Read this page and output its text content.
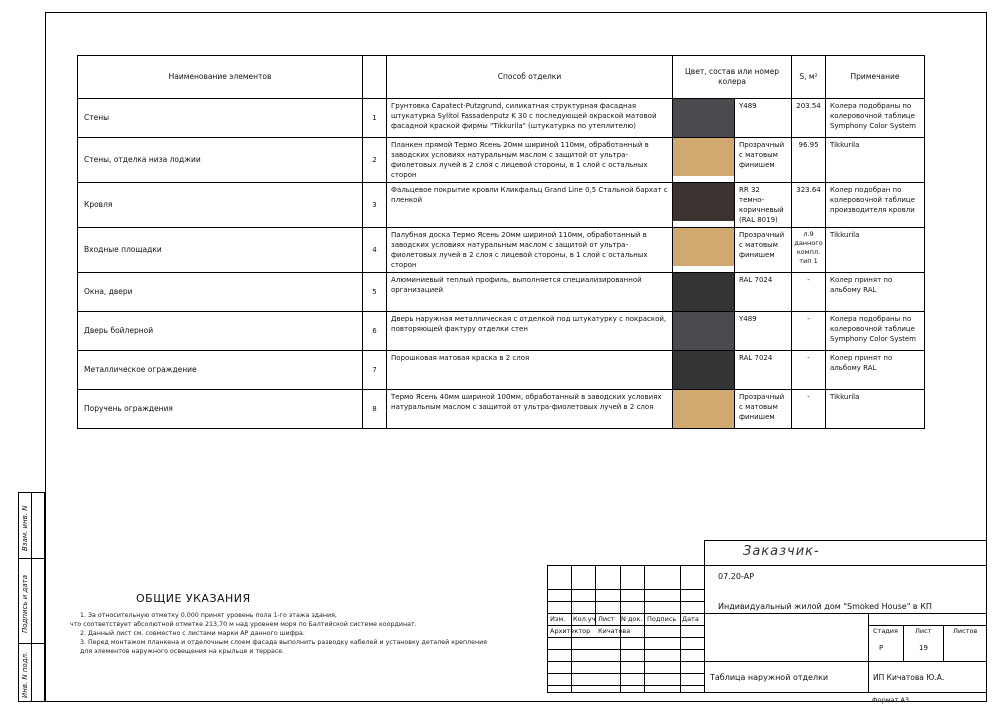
Наименование элементов		Способ отделки	Цвет, состав или номер колера		S, м²	Примечание
Стены	1	Грунтовка Capatect-Putzgrund, силикатная структурная фасадная штукатурка Sylitol Fassadenputz K 30 с последующей окраской матовой фасадной краской фирмы "Tikkurila" (штукатурка по утеплителю)		Y489	203.54	Колера подобраны по колеровочной таблице Symphony Color System
Стены, отделка низа лоджии	2	Планкен прямой Термо Ясень 20мм шириной 110мм, обработанный в заводских условиях натуральным маслом с защитой от ультра-фиолетовых лучей в 2 слоя с лицевой стороны, в 1 слой с остальных сторон		Прозрачный с матовым финишем	96.95	Tikkurila
Кровля	3	Фальцевое покрытие кровли Кликфальц Grand Line 0,5 Стальной бархат с пленкой		RR 32 темно-коричневый (RAL 8019)	323.64	Колер подобран по колеровочной таблице производителя кровли
Входные площадки	4	Палубная доска Термо Ясень 20мм шириной 110мм, обработанный в заводских условиях натуральным маслом с защитой от ультра-фиолетовых лучей в 2 слоя с лицевой стороны, в 1 слой с остальных сторон		Прозрачный с матовым финишем	л.9 данного компл. тип 1	Tikkurila
Окна, двери	5	Алюминиевый теплый профиль, выполняется специализированной организацией		RAL 7024	-	Колер принят по альбому RAL
Дверь бойлерной	6	Дверь наружная металлическая с отделкой под штукатурку с покраской, повторяющей фактуру отделки стен		Y489	-	Колера подобраны по колеровочной таблице Symphony Color System
Металлическое ограждение	7	Порошковая матовая краска в 2 слоя		RAL 7024	-	Колер принят по альбому RAL
Поручень ограждения	8	Термо Ясень 40мм шириной 100мм, обработанный в заводских условиях натуральным маслом с защитой от ультра-фиолетовых лучей в 2 слоя		Прозрачный с матовым финишем	-	Tikkurila
Взам. инв. N
Подпись и дата
Инв. N подл.
ОБЩИЕ УКАЗАНИЯ
1. За относительную отметку 0.000 принят уровень пола 1-го этажа здания,
что соответствует абсолютной отметке 213,70 м над уровнем моря по Балтийской системе координат.
2. Данный лист см. совместно с листами марки АР данного шифра.
3. Перед монтажом планкена и отделочным слоем фасада выполнить разводку кабелей и установку деталей крепления
для элементов наружного освещения на крыльце и террасе.
Заказчик-
07.20-АР
Индивидуальный жилой дом "Smoked House" в КП
Изм. Кол.уч Лист N док. Подпись Дата
Архитектор Кичатова	Стадия	Лист	Листов
Р	19
Таблица наружной отделки	ИП Кичатова Ю.А.
Формат А3
